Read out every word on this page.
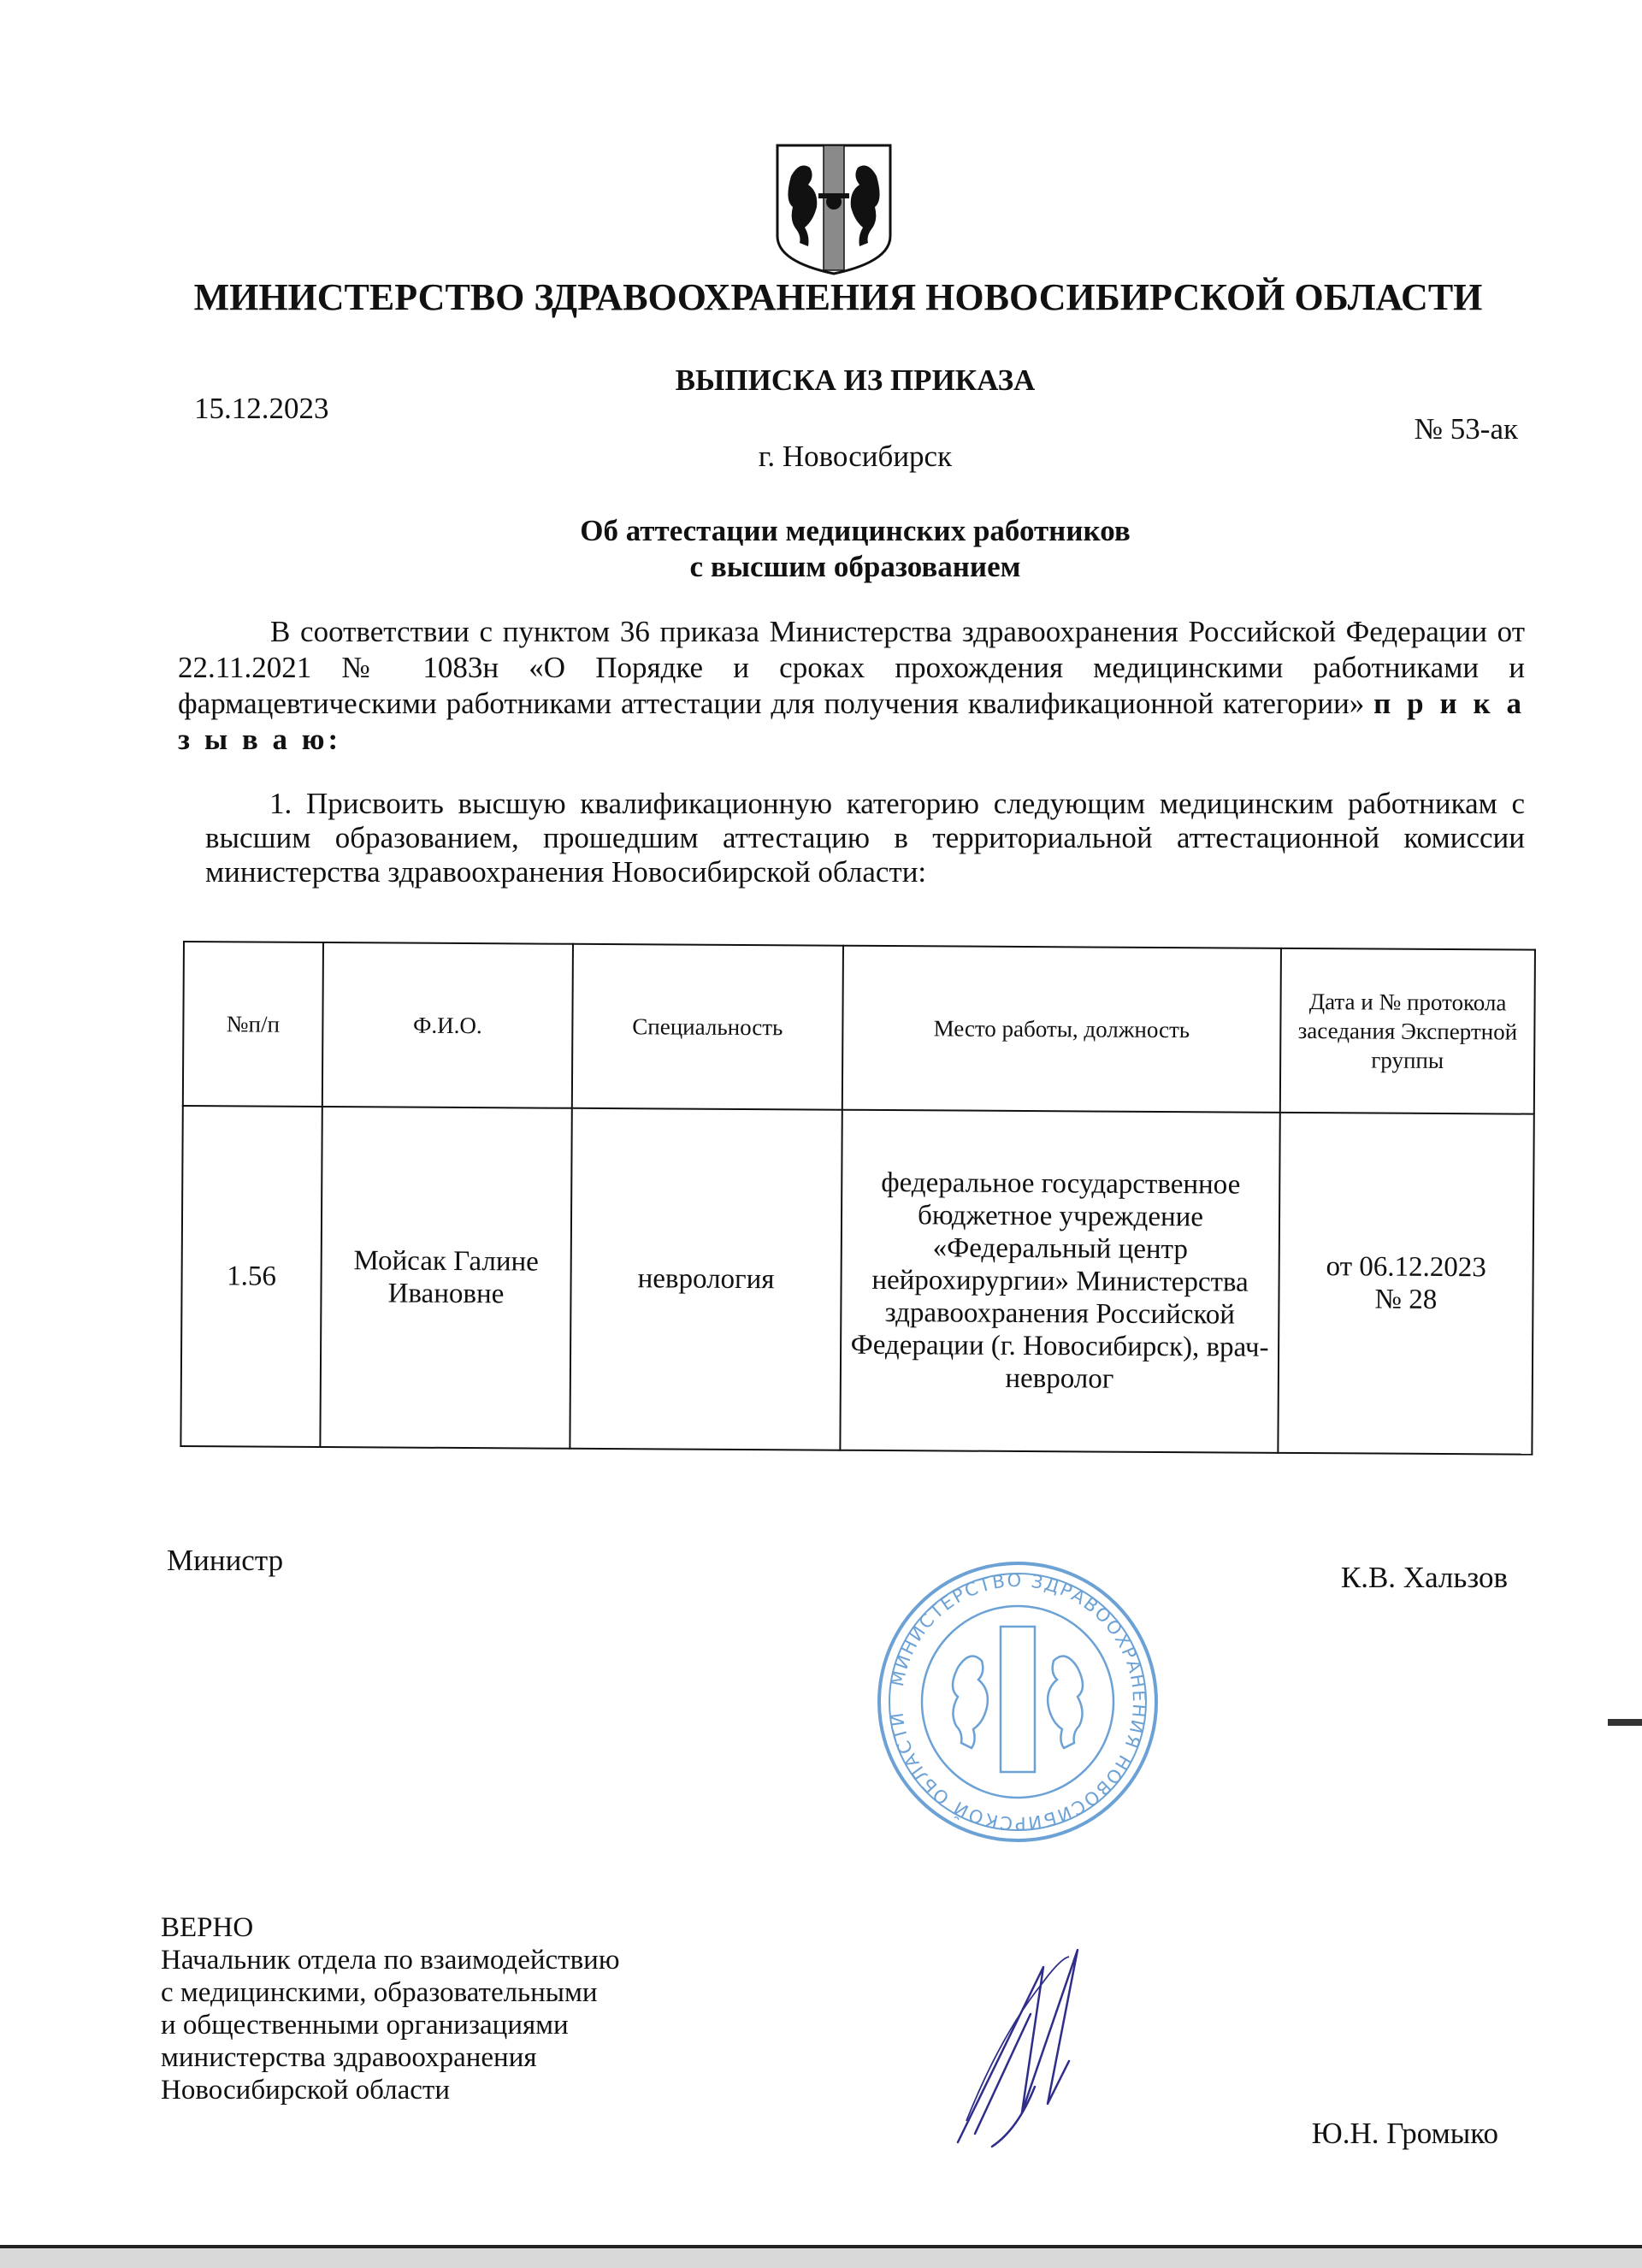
МИНИСТЕРСТВО ЗДРАВООХРАНЕНИЯ НОВОСИБИРСКОЙ ОБЛАСТИ
ВЫПИСКА ИЗ ПРИКАЗА
15.12.2023
№ 53-ак
г. Новосибирск
Об аттестации медицинских работников
с высшим образованием
В соответствии с пунктом 36 приказа Министерства здравоохранения Российской Федерации от 22.11.2021 № 1083н «О Порядке и сроках прохождения медицинскими работниками и фармацевтическими работниками аттестации для получения квалификационной категории» п р и к а з ы в а ю:
1. Присвоить высшую квалификационную категорию следующим медицинским работникам с высшим образованием, прошедшим аттестацию в территориальной аттестационной комиссии министерства здравоохранения Новосибирской области:
№п/п	Ф.И.О.	Специальность	Место работы, должность	Дата и № протокола заседания Экспертной группы
1.56	Мойсак Галине Ивановне	неврология	федеральное государственное бюджетное учреждение «Федеральный центр нейрохирургии» Министерства здравоохранения Российской Федерации (г. Новосибирск), врач-невролог	от 06.12.2023
№ 28
Министр
К.В. Хальзов
МИНИСТЕРСТВО ЗДРАВООХРАНЕНИЯ НОВОСИБИРСКОЙ ОБЛАСТИ
ВЕРНО
Начальник отдела по взаимодействию
с медицинскими, образовательными
и общественными организациями
министерства здравоохранения
Новосибирской области
Ю.Н. Громыко
